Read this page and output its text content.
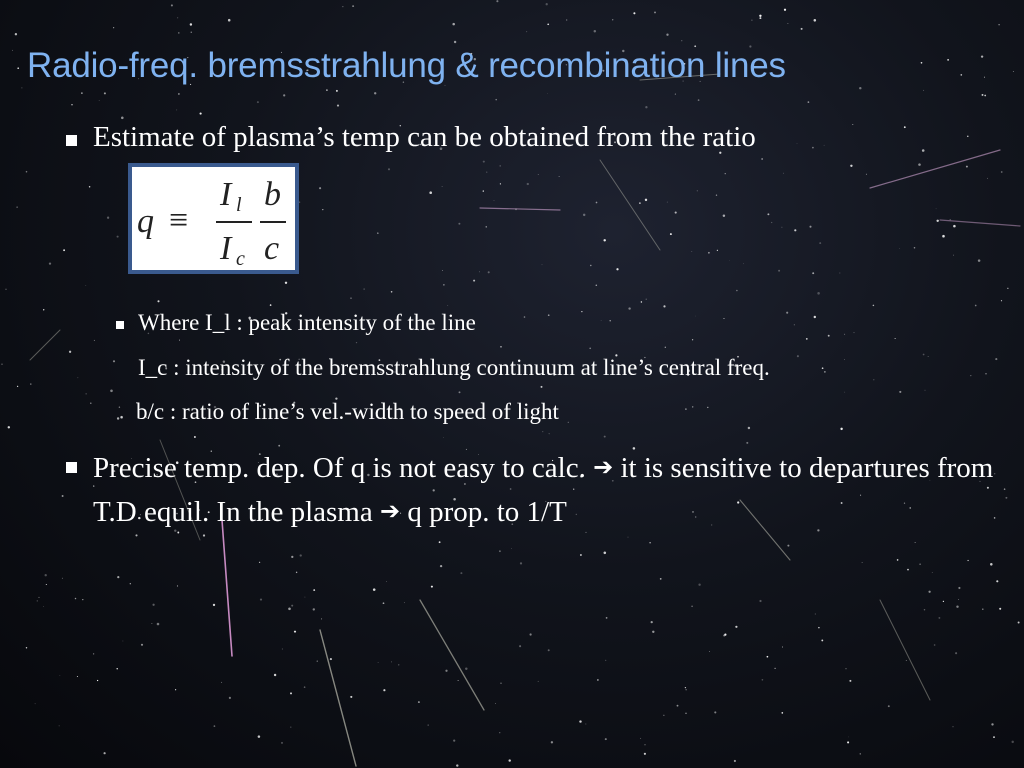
Radio-freq. bremsstrahlung & recombination lines
Estimate of plasma’s temp can be obtained from the ratio
q ≡
I l
I c
b
c
Where I_l : peak intensity of the line
I_c : intensity of the bremsstrahlung continuum at line’s central freq.
b/c : ratio of line’s vel.-width to speed of light
Precise temp. dep. Of q is not easy to calc. ➔ it is sensitive to departures from T.D equil. In the plasma ➔ q prop. to 1/T
